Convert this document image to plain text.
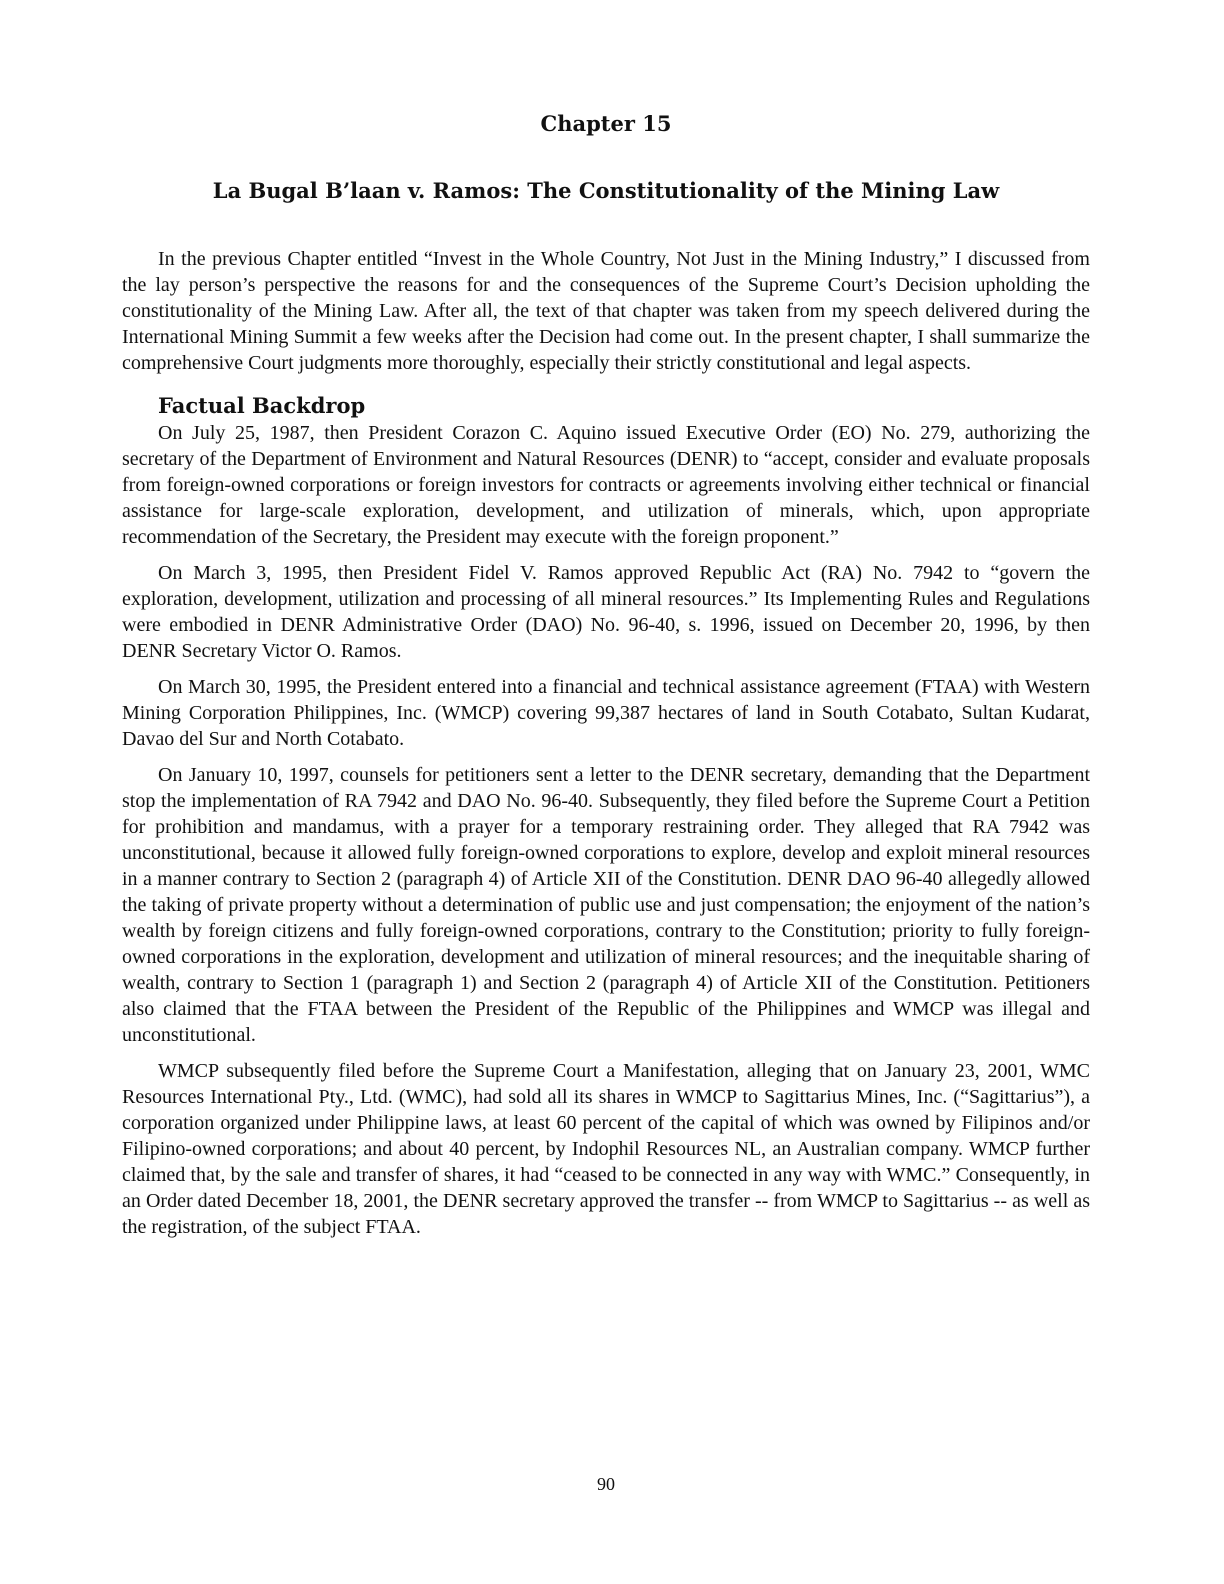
Chapter 15
La Bugal B’laan v. Ramos: The Constitutionality of the Mining Law

In the previous Chapter entitled “Invest in the Whole Country, Not Just in the Mining Industry,” I discussed from the lay person’s perspective the reasons for and the consequences of the Supreme Court’s Decision upholding the constitutionality of the Mining Law. After all, the text of that chapter was taken from my speech delivered during the International Mining Summit a few weeks after the Decision had come out. In the present chapter, I shall summarize the comprehensive Court judgments more thoroughly, especially their strictly constitutional and legal aspects.

Factual Backdrop

On July 25, 1987, then President Corazon C. Aquino issued Executive Order (EO) No. 279, authorizing the secretary of the Department of Environment and Natural Resources (DENR) to “accept, consider and evaluate proposals from foreign-owned corporations or foreign investors for contracts or agreements involving either technical or financial assistance for large-scale exploration, development, and utilization of minerals, which, upon appropriate recommendation of the Secretary, the President may execute with the foreign proponent.”

On March 3, 1995, then President Fidel V. Ramos approved Republic Act (RA) No. 7942 to “govern the exploration, development, utilization and processing of all mineral resources.” Its Implementing Rules and Regulations were embodied in DENR Administrative Order (DAO) No. 96-40, s. 1996, issued on December 20, 1996, by then DENR Secretary Victor O. Ramos.

On March 30, 1995, the President entered into a financial and technical assistance agreement (FTAA) with Western Mining Corporation Philippines, Inc. (WMCP) covering 99,387 hectares of land in South Cotabato, Sultan Kudarat, Davao del Sur and North Cotabato.

On January 10, 1997, counsels for petitioners sent a letter to the DENR secretary, demanding that the Department stop the implementation of RA 7942 and DAO No. 96-40. Subsequently, they filed before the Supreme Court a Petition for prohibition and mandamus, with a prayer for a temporary restraining order. They alleged that RA 7942 was unconstitutional, because it allowed fully foreign-owned corporations to explore, develop and exploit mineral resources in a manner contrary to Section 2 (paragraph 4) of Article XII of the Constitution. DENR DAO 96-40 allegedly allowed the taking of private property without a determination of public use and just compensation; the enjoyment of the nation’s wealth by foreign citizens and fully foreign-owned corporations, contrary to the Constitution; priority to fully foreign-owned corporations in the exploration, development and utilization of mineral resources; and the inequitable sharing of wealth, contrary to Section 1 (paragraph 1) and Section 2 (paragraph 4) of Article XII of the Constitution. Petitioners also claimed that the FTAA between the President of the Republic of the Philippines and WMCP was illegal and unconstitutional.

WMCP subsequently filed before the Supreme Court a Manifestation, alleging that on January 23, 2001, WMC Resources International Pty., Ltd. (WMC), had sold all its shares in WMCP to Sagittarius Mines, Inc. (“Sagittarius”), a corporation organized under Philippine laws, at least 60 percent of the capital of which was owned by Filipinos and/or Filipino-owned corporations; and about 40 percent, by Indophil Resources NL, an Australian company. WMCP further claimed that, by the sale and transfer of shares, it had “ceased to be connected in any way with WMC.” Consequently, in an Order dated December 18, 2001, the DENR secretary approved the transfer -- from WMCP to Sagittarius -- as well as the registration, of the subject FTAA.

90
